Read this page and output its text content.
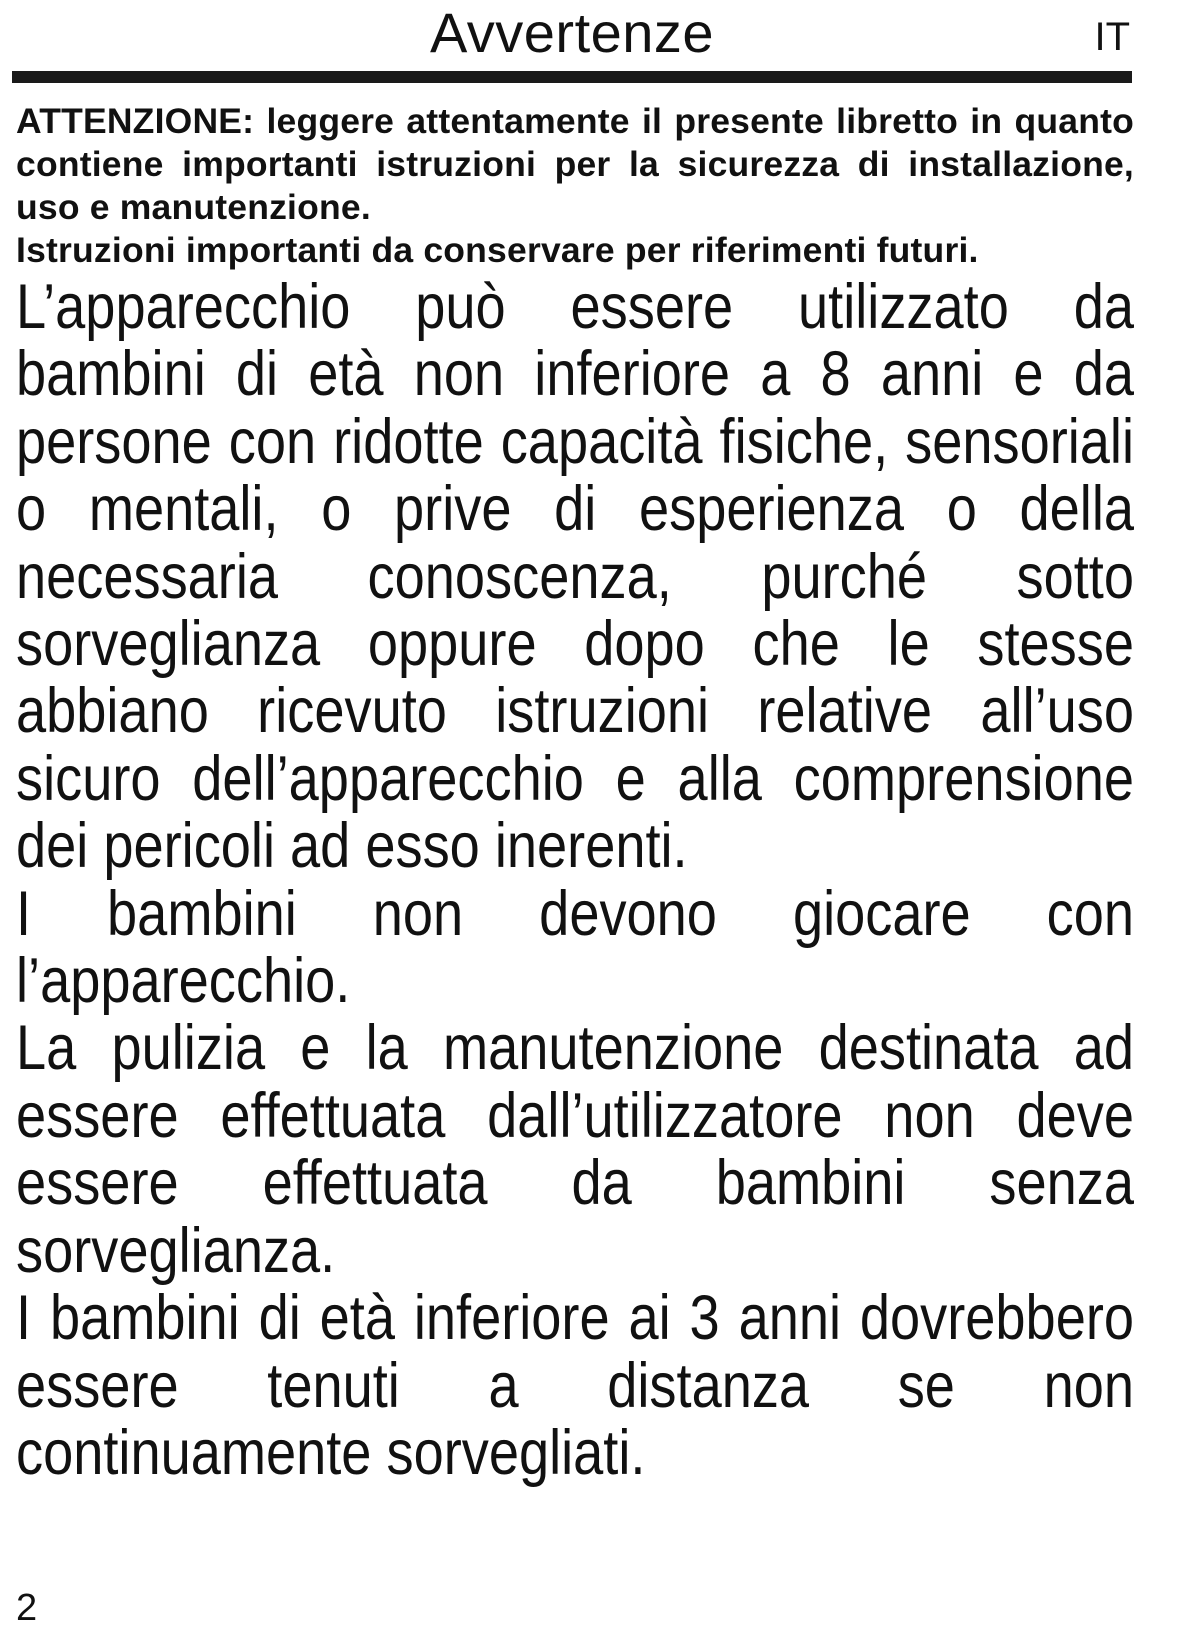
Avvertenze	IT

ATTENZIONE: leggere attentamente il presente libretto in quanto contiene importanti istruzioni per la sicurezza di installazione, uso e manutenzione.

Istruzioni importanti da conservare per riferimenti futuri.

L’apparecchio può essere utilizzato da bambini di età non inferiore a 8 anni e da persone con ridotte capacità fisiche, sensoriali o mentali, o prive di esperienza o della necessaria conoscenza, purché sotto sorveglianza oppure dopo che le stesse abbiano ricevuto istruzioni relative all’uso sicuro dell’apparecchio e alla comprensione dei pericoli ad esso inerenti.

I bambini non devono giocare con l’apparecchio.

La pulizia e la manutenzione destinata ad essere effettuata dall’utilizzatore non deve essere effettuata da bambini senza sorveglianza.

I bambini di età inferiore ai 3 anni dovrebbero essere tenuti a distanza se non continuamente sorvegliati.

2
